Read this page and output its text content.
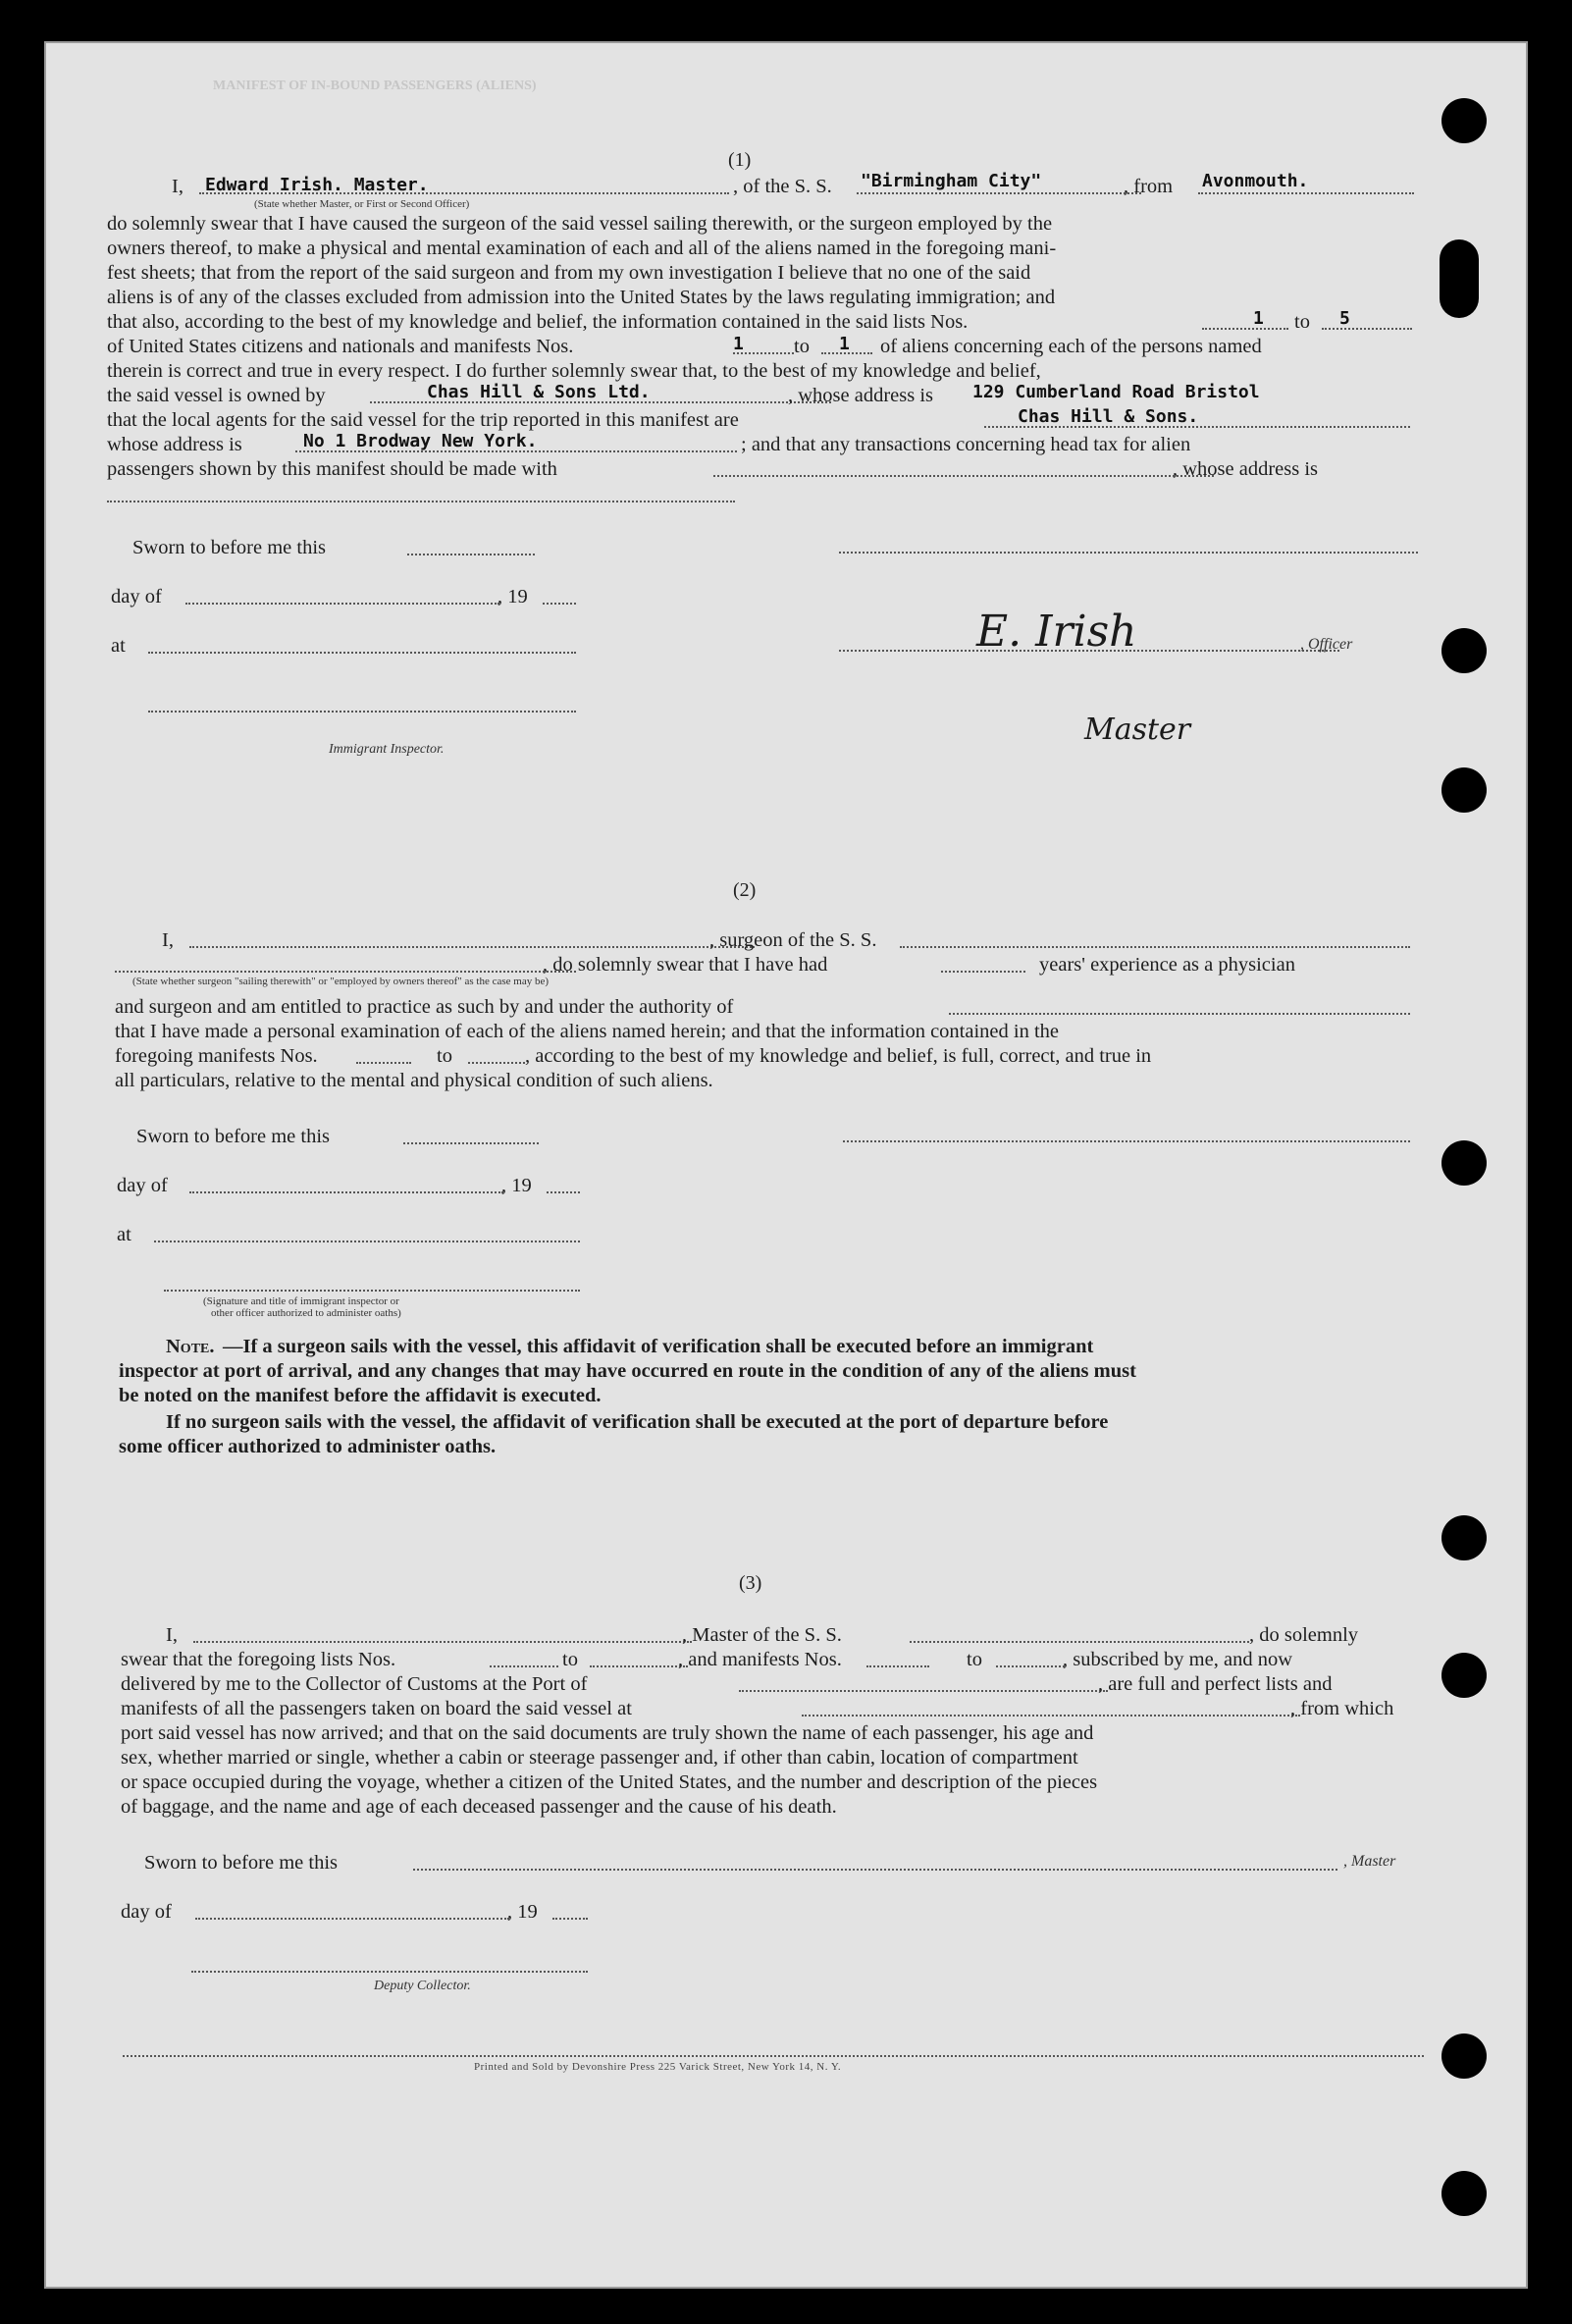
MANIFEST OF IN-BOUND PASSENGERS (ALIENS)
(1)
I, Edward Irish. Master.	, of the S. S. "Birmingham City"	, from Avonmouth.
(State whether Master, or First or Second Officer)
do solemnly swear that I have caused the surgeon of the said vessel sailing therewith, or the surgeon employed by the
owners thereof, to make a physical and mental examination of each and all of the aliens named in the foregoing mani-
fest sheets; that from the report of the said surgeon and from my own investigation I believe that no one of the said
aliens is of any of the classes excluded from admission into the United States by the laws regulating immigration; and
that also, according to the best of my knowledge and belief, the information contained in the said lists Nos.	1 to 5
of United States citizens and nationals and manifests Nos.	1 to 1 of aliens concerning each of the persons named
therein is correct and true in every respect. I do further solemnly swear that, to the best of my knowledge and belief,
the said vessel is owned by	Chas Hill & Sons Ltd.	, whose address is 129 Cumberland Road Bristol
that the local agents for the said vessel for the trip reported in this manifest are	Chas Hill & Sons.
whose address is	No 1 Brodway New York.	; and that any transactions concerning head tax for alien
passengers shown by this manifest should be made with	, whose address is
Sworn to before me this
day of	, 19
at	, Officer
E. Irish
Master
Immigrant Inspector.
(2)
I,	, surgeon of the S. S.
, do solemnly swear that I have had	years' experience as a physician
(State whether surgeon "sailing therewith" or "employed by owners thereof" as the case may be)
and surgeon and am entitled to practice as such by and under the authority of
that I have made a personal examination of each of the aliens named herein; and that the information contained in the
foregoing manifests Nos.	to	, according to the best of my knowledge and belief, is full, correct, and true in
all particulars, relative to the mental and physical condition of such aliens.
Sworn to before me this
day of	, 19
at
(Signature and title of immigrant inspector or
other officer authorized to administer oaths)
Note. —If a surgeon sails with the vessel, this affidavit of verification shall be executed before an immigrant
inspector at port of arrival, and any changes that may have occurred en route in the condition of any of the aliens must
be noted on the manifest before the affidavit is executed.
If no surgeon sails with the vessel, the affidavit of verification shall be executed at the port of departure before
some officer authorized to administer oaths.
(3)
I,	, Master of the S. S.	, do solemnly
swear that the foregoing lists Nos.	to	, and manifests Nos.	to	, subscribed by me, and now
delivered by me to the Collector of Customs at the Port of	, are full and perfect lists and
manifests of all the passengers taken on board the said vessel at	, from which
port said vessel has now arrived; and that on the said documents are truly shown the name of each passenger, his age and
sex, whether married or single, whether a cabin or steerage passenger and, if other than cabin, location of compartment
or space occupied during the voyage, whether a citizen of the United States, and the number and description of the pieces
of baggage, and the name and age of each deceased passenger and the cause of his death.
Sworn to before me this	, Master
day of	, 19
Deputy Collector.
Printed and Sold by Devonshire Press 225 Varick Street, New York 14, N. Y.
